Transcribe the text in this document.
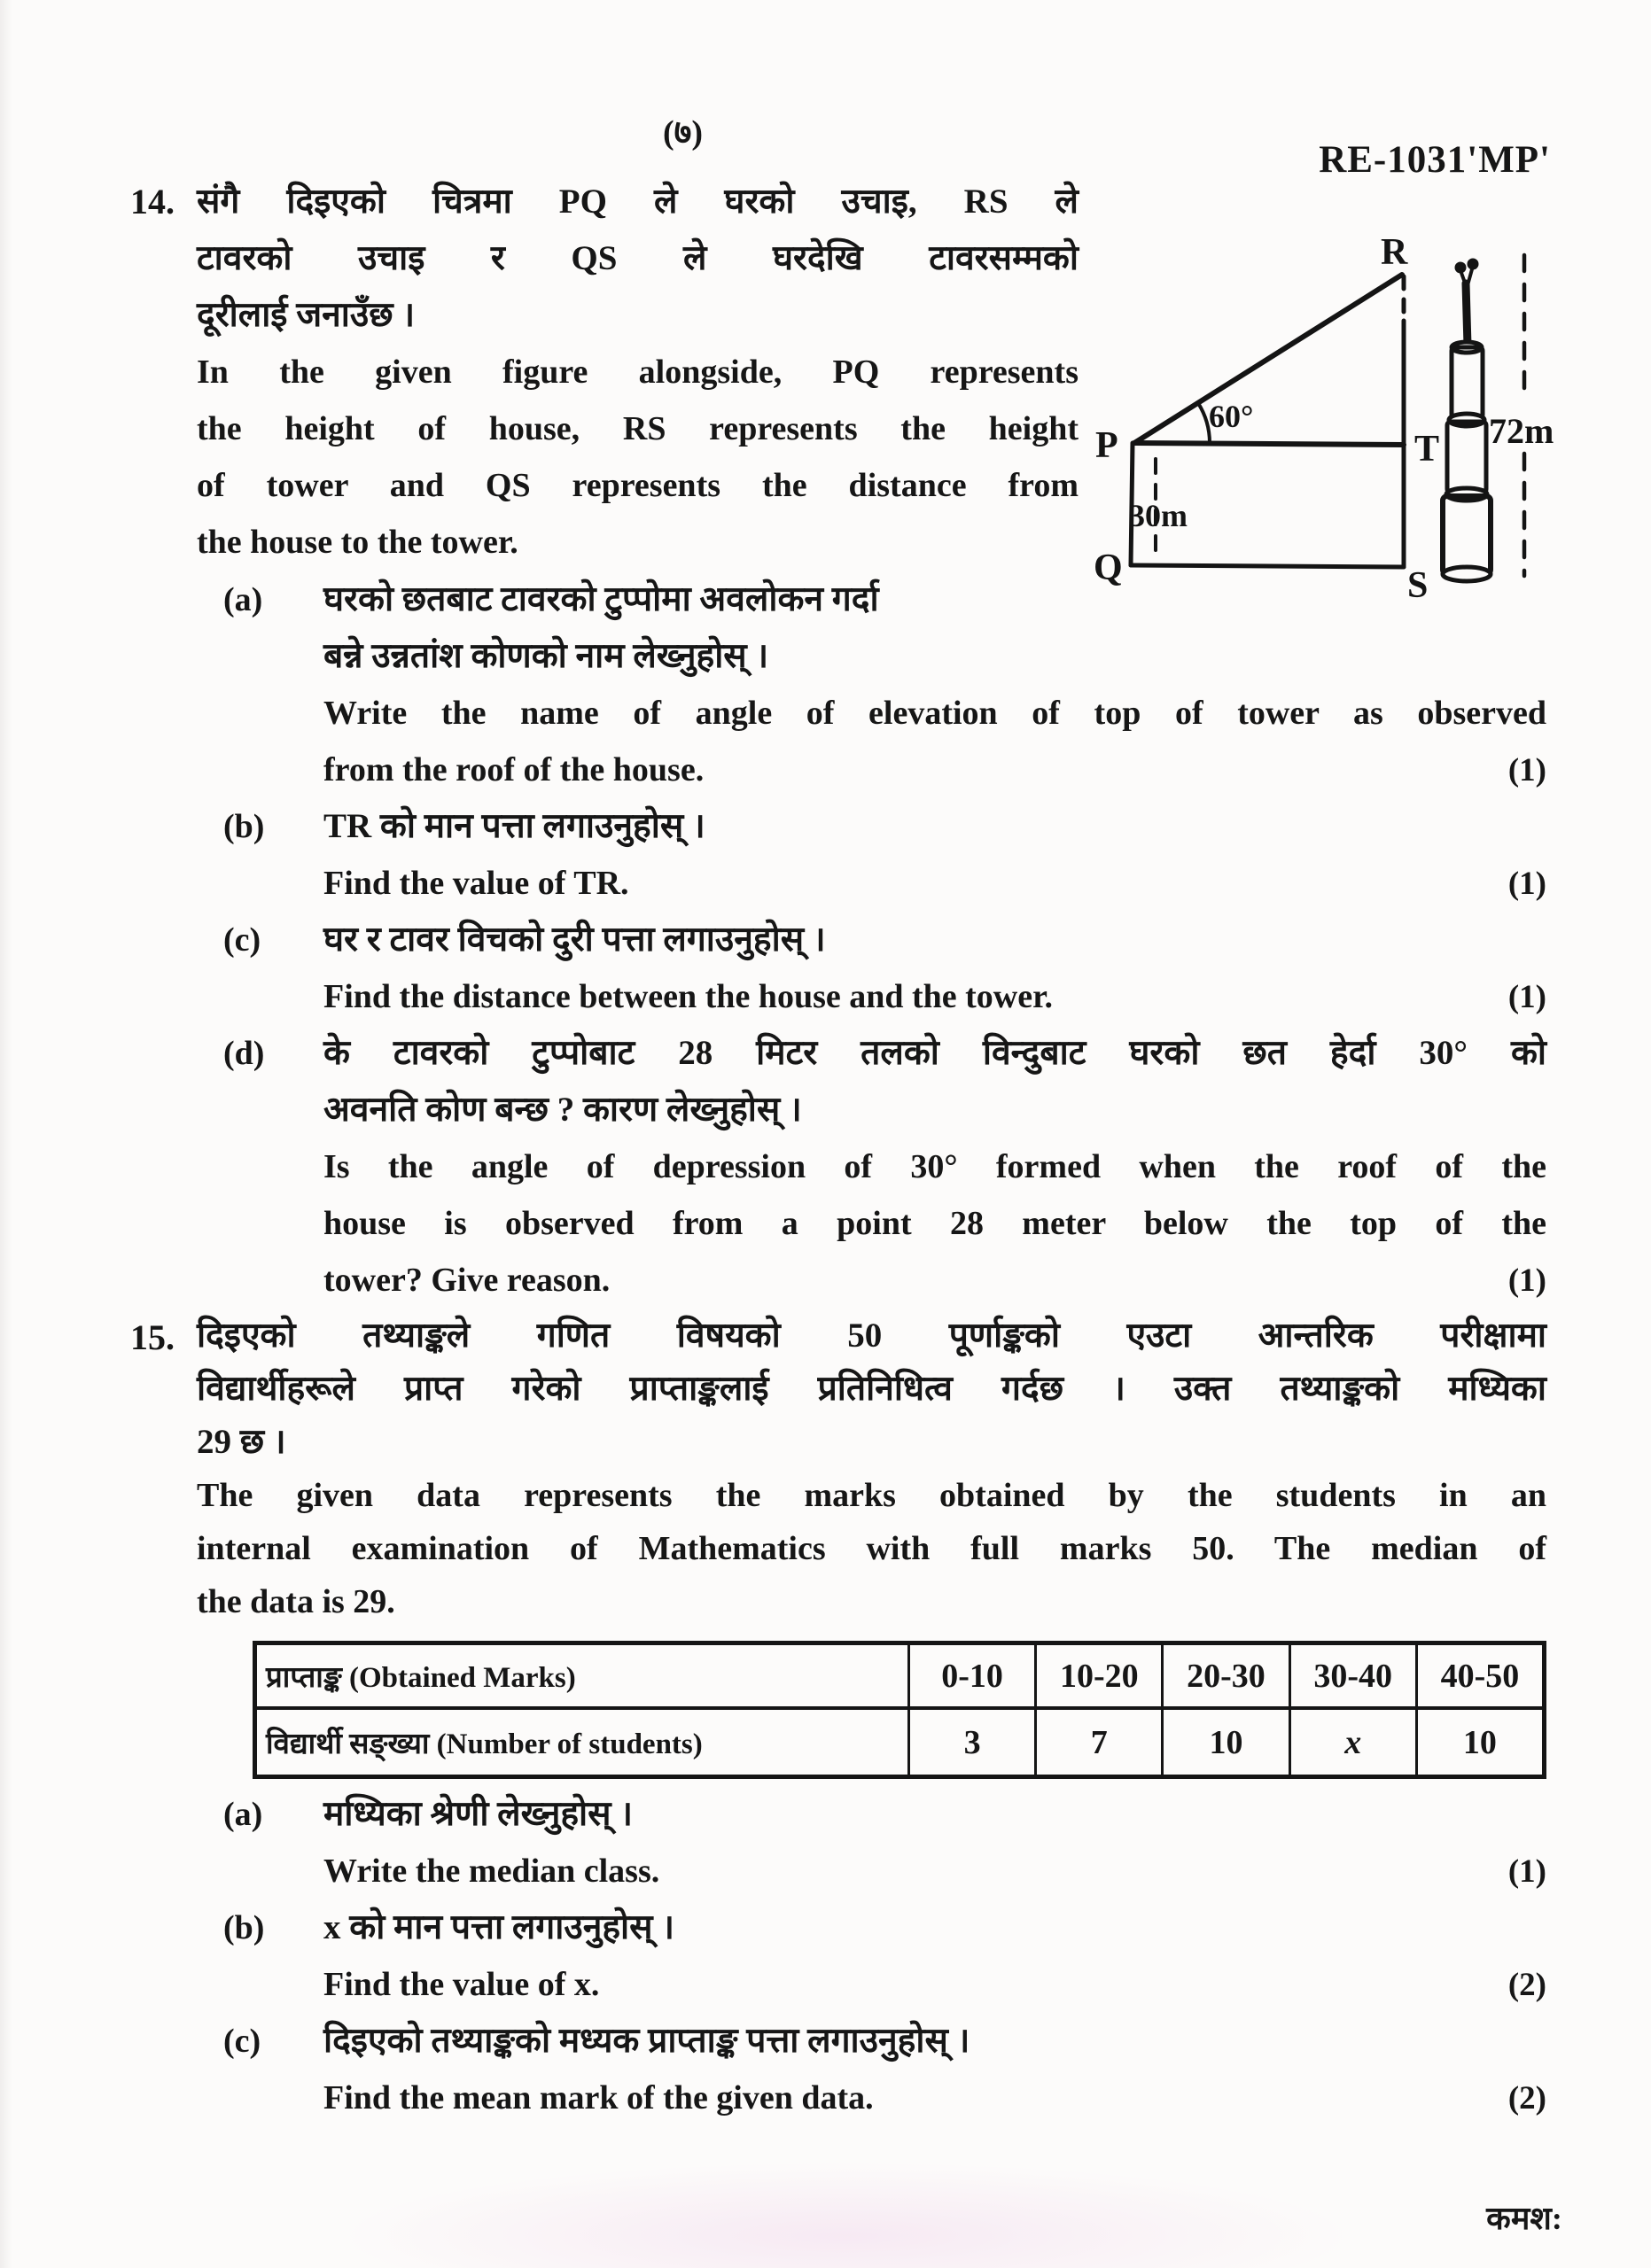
(७)
RE-1031'MP'
14. संगै दिइएको चित्रमा PQ ले घरको उचाइ, RS ले
टावरको उचाइ र QS ले घरदेखि टावरसम्मको
दूरीलाई जनाउँछ ।
In the given figure alongside, PQ represents
the height of house, RS represents the height
of tower and QS represents the distance from
the house to the tower.
R
P	T
Q	S
60°
30m
72m
(a) घरको छतबाट टावरको टुप्पोमा अवलोकन गर्दा
बन्ने उन्नतांश कोणको नाम लेख्नुहोस् ।
Write the name of angle of elevation of top of tower as observed
from the roof of the house.	(1)
(b) TR को मान पत्ता लगाउनुहोस् ।
Find the value of TR.	(1)
(c) घर र टावर विचको दुरी पत्ता लगाउनुहोस् ।
Find the distance between the house and the tower.	(1)
(d) के टावरको टुप्पोबाट 28 मिटर तलको विन्दुबाट घरको छत हेर्दा 30° को
अवनति कोण बन्छ ? कारण लेख्नुहोस् ।
Is the angle of depression of 30° formed when the roof of the
house is observed from a point 28 meter below the top of the
tower? Give reason.	(1)
15. दिइएको तथ्याङ्कले गणित विषयको 50 पूर्णाङ्कको एउटा आन्तरिक परीक्षामा
विद्यार्थीहरूले प्राप्त गरेको प्राप्ताङ्कलाई प्रतिनिधित्व गर्दछ । उक्त तथ्याङ्कको मध्यिका
29 छ ।
The given data represents the marks obtained by the students in an
internal examination of Mathematics with full marks 50. The median of
the data is 29.
प्राप्ताङ्क (Obtained Marks)	0-10	10-20	20-30	30-40	40-50
विद्यार्थी सङ्ख्या (Number of students)	3	7	10	x	10
(a) मध्यिका श्रेणी लेख्नुहोस् ।
Write the median class.	(1)
(b) x को मान पत्ता लगाउनुहोस् ।
Find the value of x.	(2)
(c) दिइएको तथ्याङ्कको मध्यक प्राप्ताङ्क पत्ता लगाउनुहोस् ।
Find the mean mark of the given data.	(2)
कमश:
